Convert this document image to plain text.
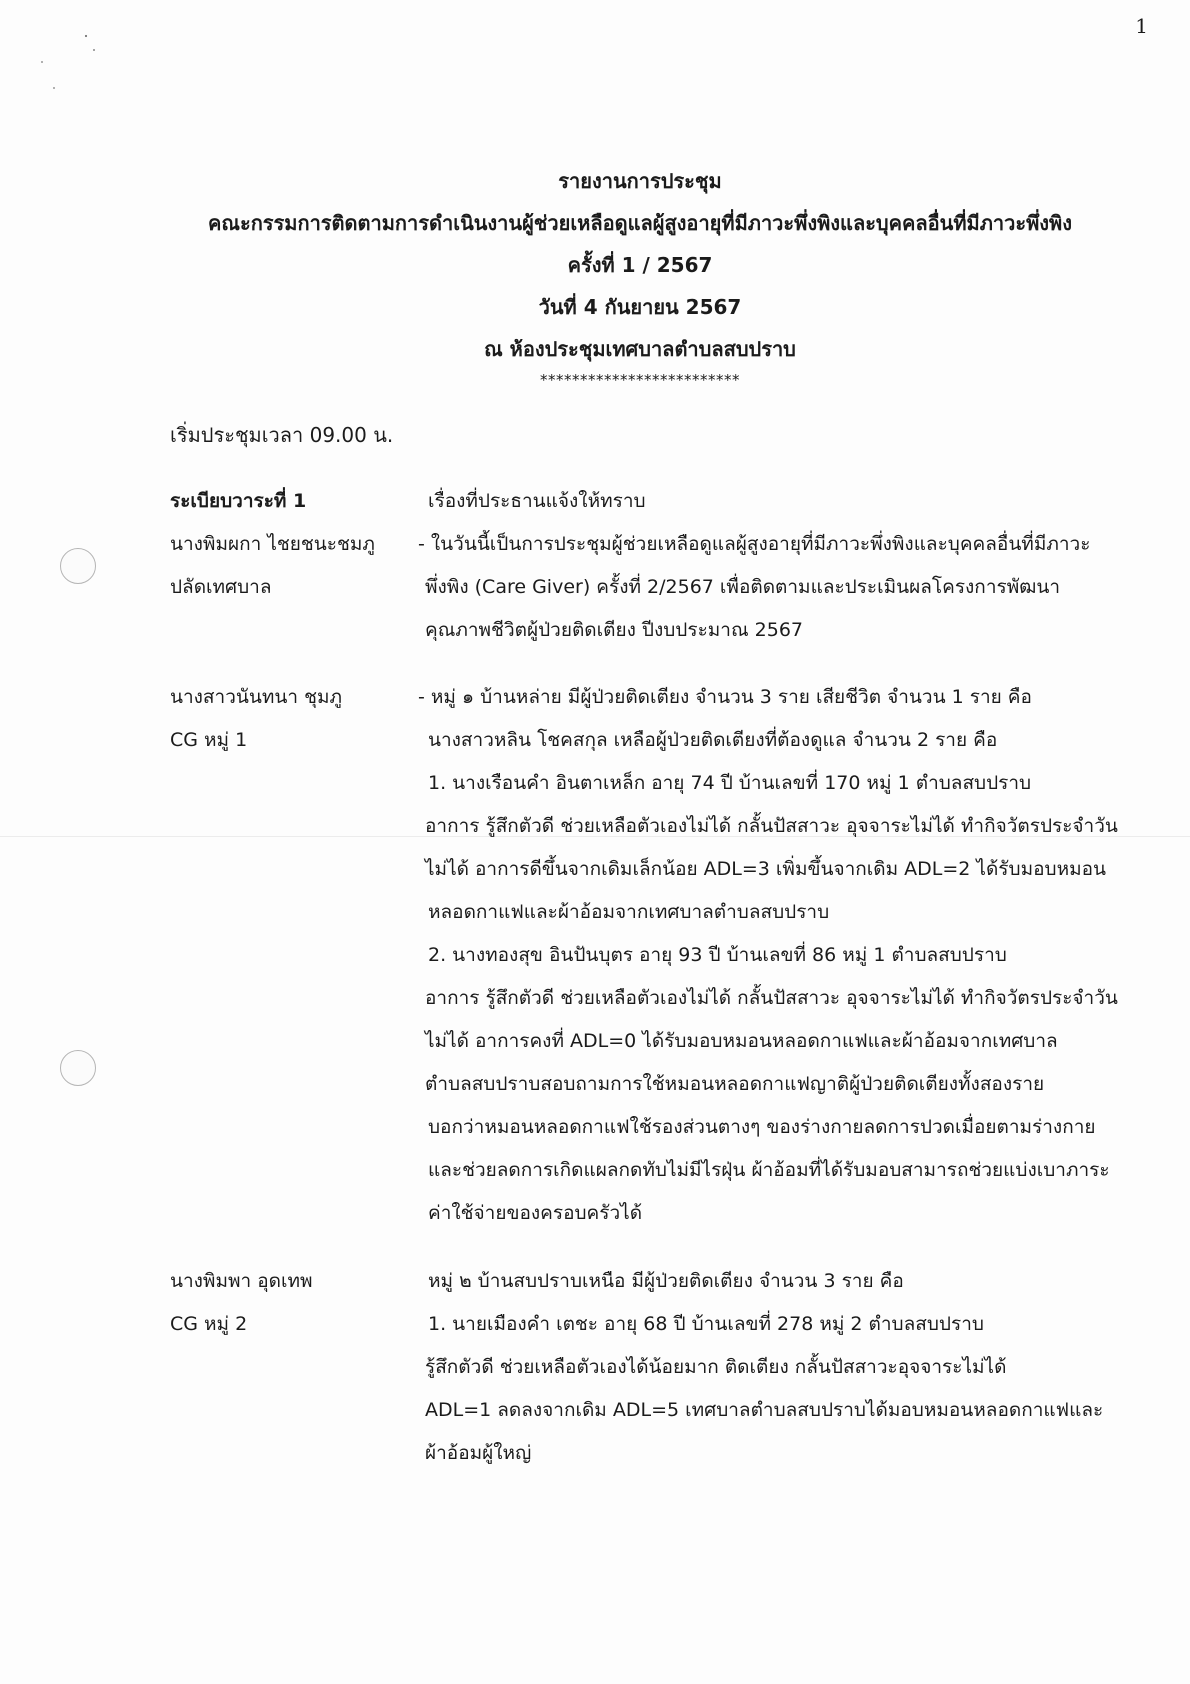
1
รายงานการประชุม
คณะกรรมการติดตามการดำเนินงานผู้ช่วยเหลือดูแลผู้สูงอายุที่มีภาวะพึ่งพิงและบุคคลอื่นที่มีภาวะพึ่งพิง
ครั้งที่ 1 / 2567
วันที่ 4 กันยายน 2567
ณ ห้องประชุมเทศบาลตำบลสบปราบ
*************************
เริ่มประชุมเวลา 09.00 น.
ระเบียบวาระที่ 1	เรื่องที่ประธานแจ้งให้ทราบ
นางพิมผกา ไชยชนะชมภู
ปลัดเทศบาล
- ในวันนี้เป็นการประชุมผู้ช่วยเหลือดูแลผู้สูงอายุที่มีภาวะพึ่งพิงและบุคคลอื่นที่มีภาวะ
พึ่งพิง (Care Giver) ครั้งที่ 2/2567 เพื่อติดตามและประเมินผลโครงการพัฒนา
คุณภาพชีวิตผู้ป่วยติดเตียง ปีงบประมาณ 2567
นางสาวนันทนา ชุมภู
CG หมู่ 1
- หมู่ ๑ บ้านหล่าย มีผู้ป่วยติดเตียง จำนวน 3 ราย เสียชีวิต จำนวน 1 ราย คือ
นางสาวหลิน โชคสกุล เหลือผู้ป่วยติดเตียงที่ต้องดูแล จำนวน 2 ราย คือ
1. นางเรือนคำ อินตาเหล็ก อายุ 74 ปี บ้านเลขที่ 170 หมู่ 1 ตำบลสบปราบ
อาการ รู้สึกตัวดี ช่วยเหลือตัวเองไม่ได้ กลั้นปัสสาวะ อุจจาระไม่ได้ ทำกิจวัตรประจำวัน
ไม่ได้ อาการดีขึ้นจากเดิมเล็กน้อย ADL=3 เพิ่มขึ้นจากเดิม ADL=2 ได้รับมอบหมอน
หลอดกาแฟและผ้าอ้อมจากเทศบาลตำบลสบปราบ
2. นางทองสุข อินปันบุตร อายุ 93 ปี บ้านเลขที่ 86 หมู่ 1 ตำบลสบปราบ
อาการ รู้สึกตัวดี ช่วยเหลือตัวเองไม่ได้ กลั้นปัสสาวะ อุจจาระไม่ได้ ทำกิจวัตรประจำวัน
ไม่ได้ อาการคงที่ ADL=0 ได้รับมอบหมอนหลอดกาแฟและผ้าอ้อมจากเทศบาล
ตำบลสบปราบสอบถามการใช้หมอนหลอดกาแฟญาติผู้ป่วยติดเตียงทั้งสองราย
บอกว่าหมอนหลอดกาแฟใช้รองส่วนตางๆ ของร่างกายลดการปวดเมื่อยตามร่างกาย
และช่วยลดการเกิดแผลกดทับไม่มีไรฝุ่น ผ้าอ้อมที่ได้รับมอบสามารถช่วยแบ่งเบาภาระ
ค่าใช้จ่ายของครอบครัวได้
นางพิมพา อุดเทพ
CG หมู่ 2
หมู่ ๒ บ้านสบปราบเหนือ มีผู้ป่วยติดเตียง จำนวน 3 ราย คือ
1. นายเมืองคำ เตชะ อายุ 68 ปี บ้านเลขที่ 278 หมู่ 2 ตำบลสบปราบ
รู้สึกตัวดี ช่วยเหลือตัวเองได้น้อยมาก ติดเตียง กลั้นปัสสาวะอุจจาระไม่ได้
ADL=1 ลดลงจากเดิม ADL=5 เทศบาลตำบลสบปราบได้มอบหมอนหลอดกาแฟและ
ผ้าอ้อมผู้ใหญ่
